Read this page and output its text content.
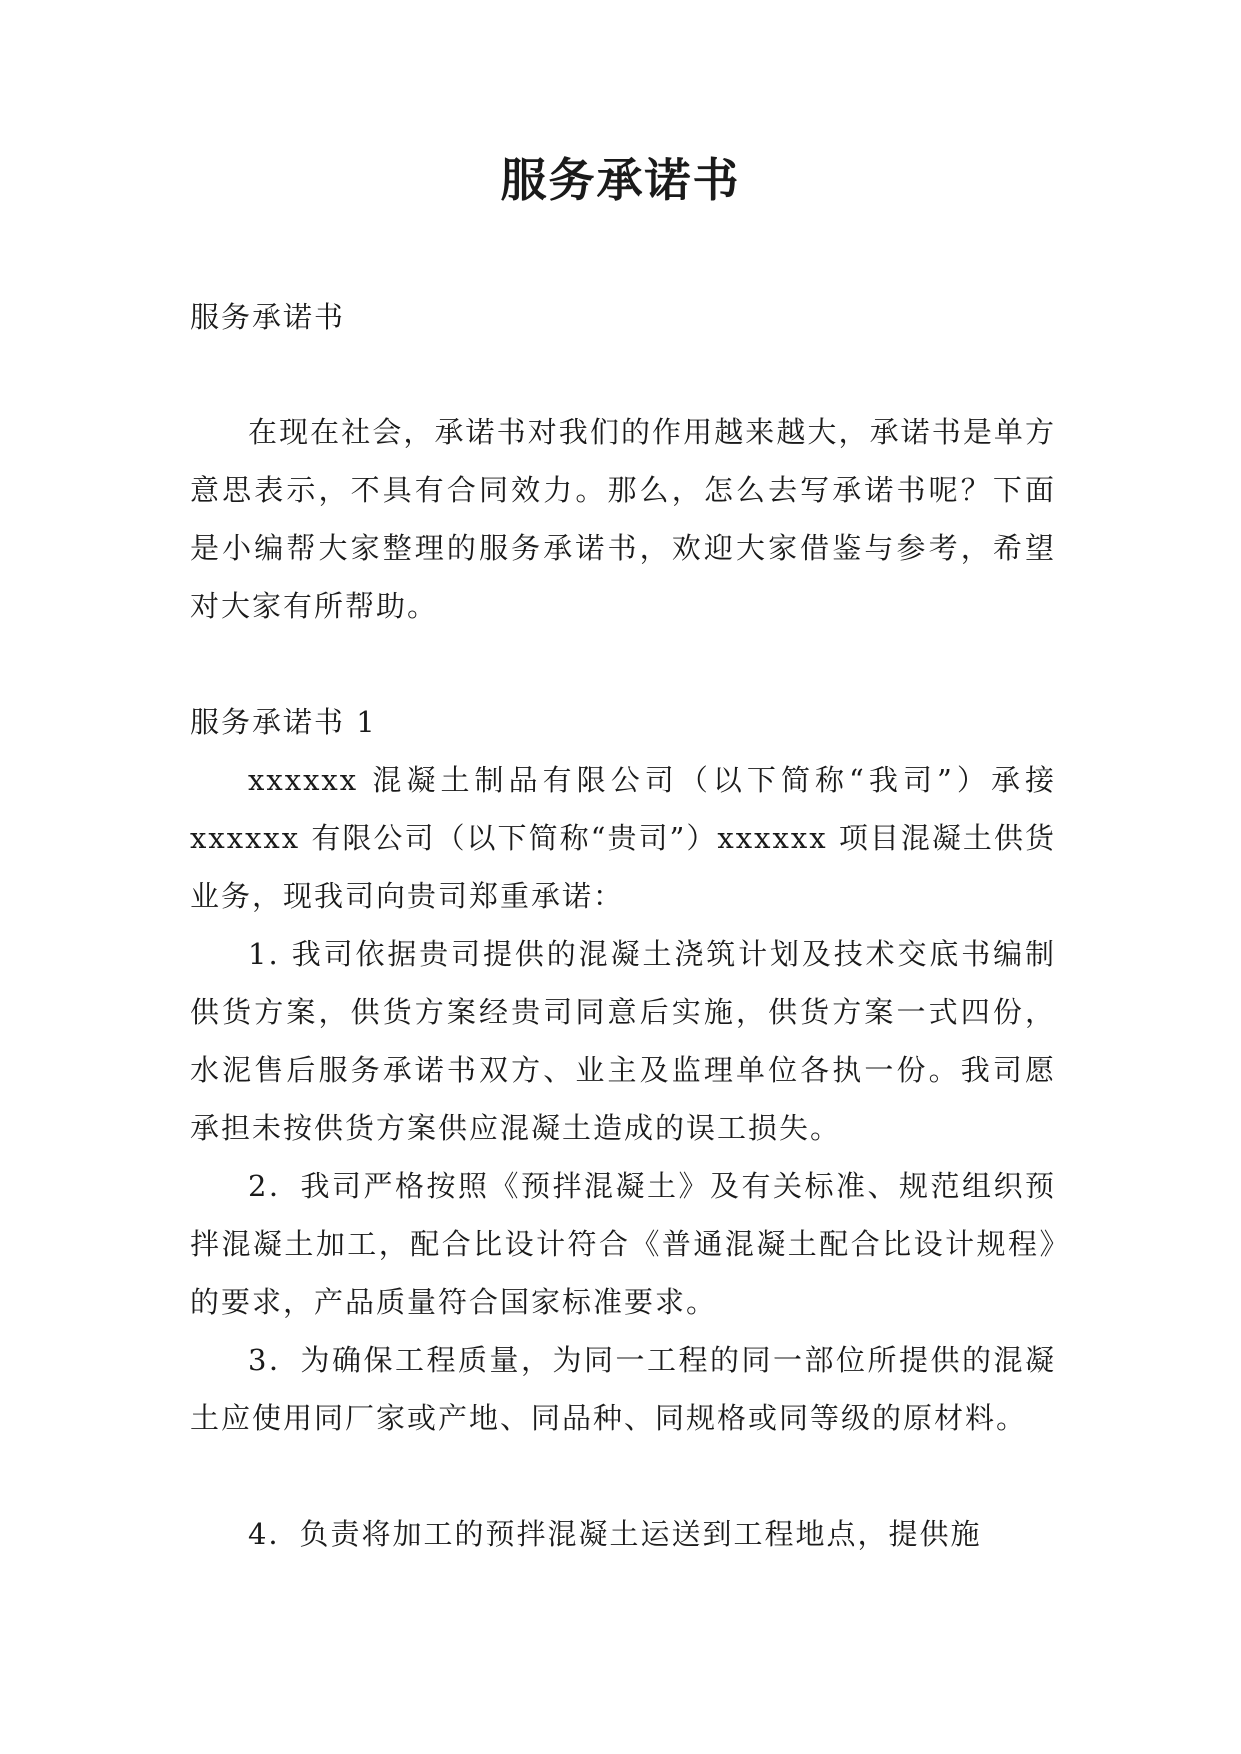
服务承诺书

服务承诺书

在现在社会，承诺书对我们的作用越来越大，承诺书是单方意思表示，不具有合同效力。那么，怎么去写承诺书呢？下面是小编帮大家整理的服务承诺书，欢迎大家借鉴与参考，希望对大家有所帮助。

服务承诺书 1

xxxxxx 混凝土制品有限公司（以下简称“我司”）承接 xxxxxx 有限公司（以下简称“贵司”）xxxxxx 项目混凝土供货业务，现我司向贵司郑重承诺：

1. 我司依据贵司提供的混凝土浇筑计划及技术交底书编制供货方案，供货方案经贵司同意后实施，供货方案一式四份，水泥售后服务承诺书双方、业主及监理单位各执一份。我司愿承担未按供货方案供应混凝土造成的误工损失。

2．我司严格按照《预拌混凝土》及有关标准、规范组织预拌混凝土加工，配合比设计符合《普通混凝土配合比设计规程》的要求，产品质量符合国家标准要求。

3．为确保工程质量，为同一工程的同一部位所提供的混凝土应使用同厂家或产地、同品种、同规格或同等级的原材料。

4．负责将加工的预拌混凝土运送到工程地点，提供施
